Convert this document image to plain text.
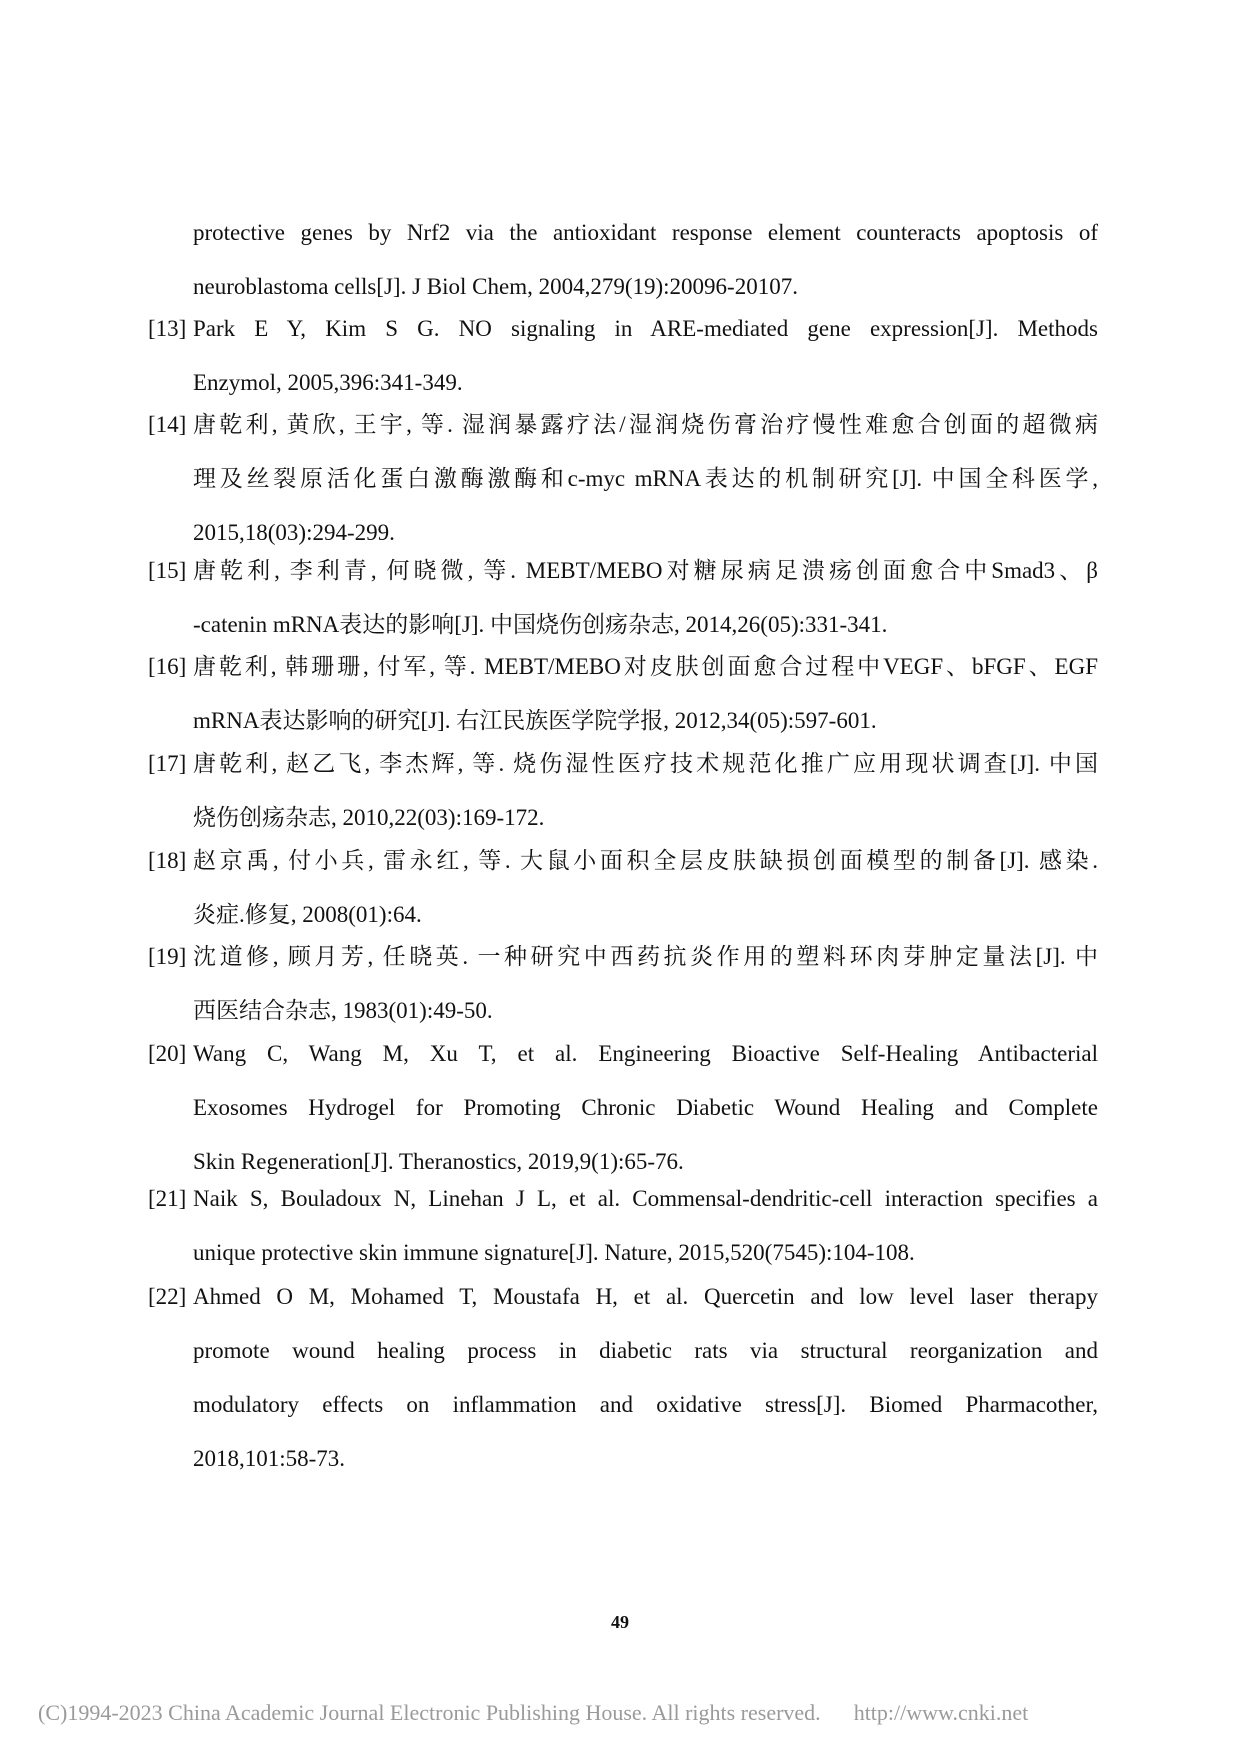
protective genes by Nrf2 via the antioxidant response element counteracts apoptosis of
neuroblastoma cells[J]. J Biol Chem, 2004,279(19):20096-20107.
[13] Park E Y, Kim S G. NO signaling in ARE-mediated gene expression[J]. Methods
Enzymol, 2005,396:341-349.
[14] 唐乾利, 黄欣, 王宇, 等. 湿润暴露疗法/湿润烧伤膏治疗慢性难愈合创面的超微病
理及丝裂原活化蛋白激酶激酶和c-myc mRNA表达的机制研究[J]. 中国全科医学,
2015,18(03):294-299.
[15] 唐乾利, 李利青, 何晓微, 等. MEBT/MEBO对糖尿病足溃疡创面愈合中Smad3、β
-catenin mRNA表达的影响[J]. 中国烧伤创疡杂志, 2014,26(05):331-341.
[16] 唐乾利, 韩珊珊, 付军, 等. MEBT/MEBO对皮肤创面愈合过程中VEGF、bFGF、EGF
mRNA表达影响的研究[J]. 右江民族医学院学报, 2012,34(05):597-601.
[17] 唐乾利, 赵乙飞, 李杰辉, 等. 烧伤湿性医疗技术规范化推广应用现状调查[J]. 中国
烧伤创疡杂志, 2010,22(03):169-172.
[18] 赵京禹, 付小兵, 雷永红, 等. 大鼠小面积全层皮肤缺损创面模型的制备[J]. 感染.
炎症.修复, 2008(01):64.
[19] 沈道修, 顾月芳, 任晓英. 一种研究中西药抗炎作用的塑料环肉芽肿定量法[J]. 中
西医结合杂志, 1983(01):49-50.
[20] Wang C, Wang M, Xu T, et al. Engineering Bioactive Self-Healing Antibacterial
Exosomes Hydrogel for Promoting Chronic Diabetic Wound Healing and Complete
Skin Regeneration[J]. Theranostics, 2019,9(1):65-76.
[21] Naik S, Bouladoux N, Linehan J L, et al. Commensal-dendritic-cell interaction specifies a
unique protective skin immune signature[J]. Nature, 2015,520(7545):104-108.
[22] Ahmed O M, Mohamed T, Moustafa H, et al. Quercetin and low level laser therapy
promote wound healing process in diabetic rats via structural reorganization and
modulatory effects on inflammation and oxidative stress[J]. Biomed Pharmacother,
2018,101:58-73.
49
(C)1994-2023 China Academic Journal Electronic Publishing House. All rights reserved. http://www.cnki.net
